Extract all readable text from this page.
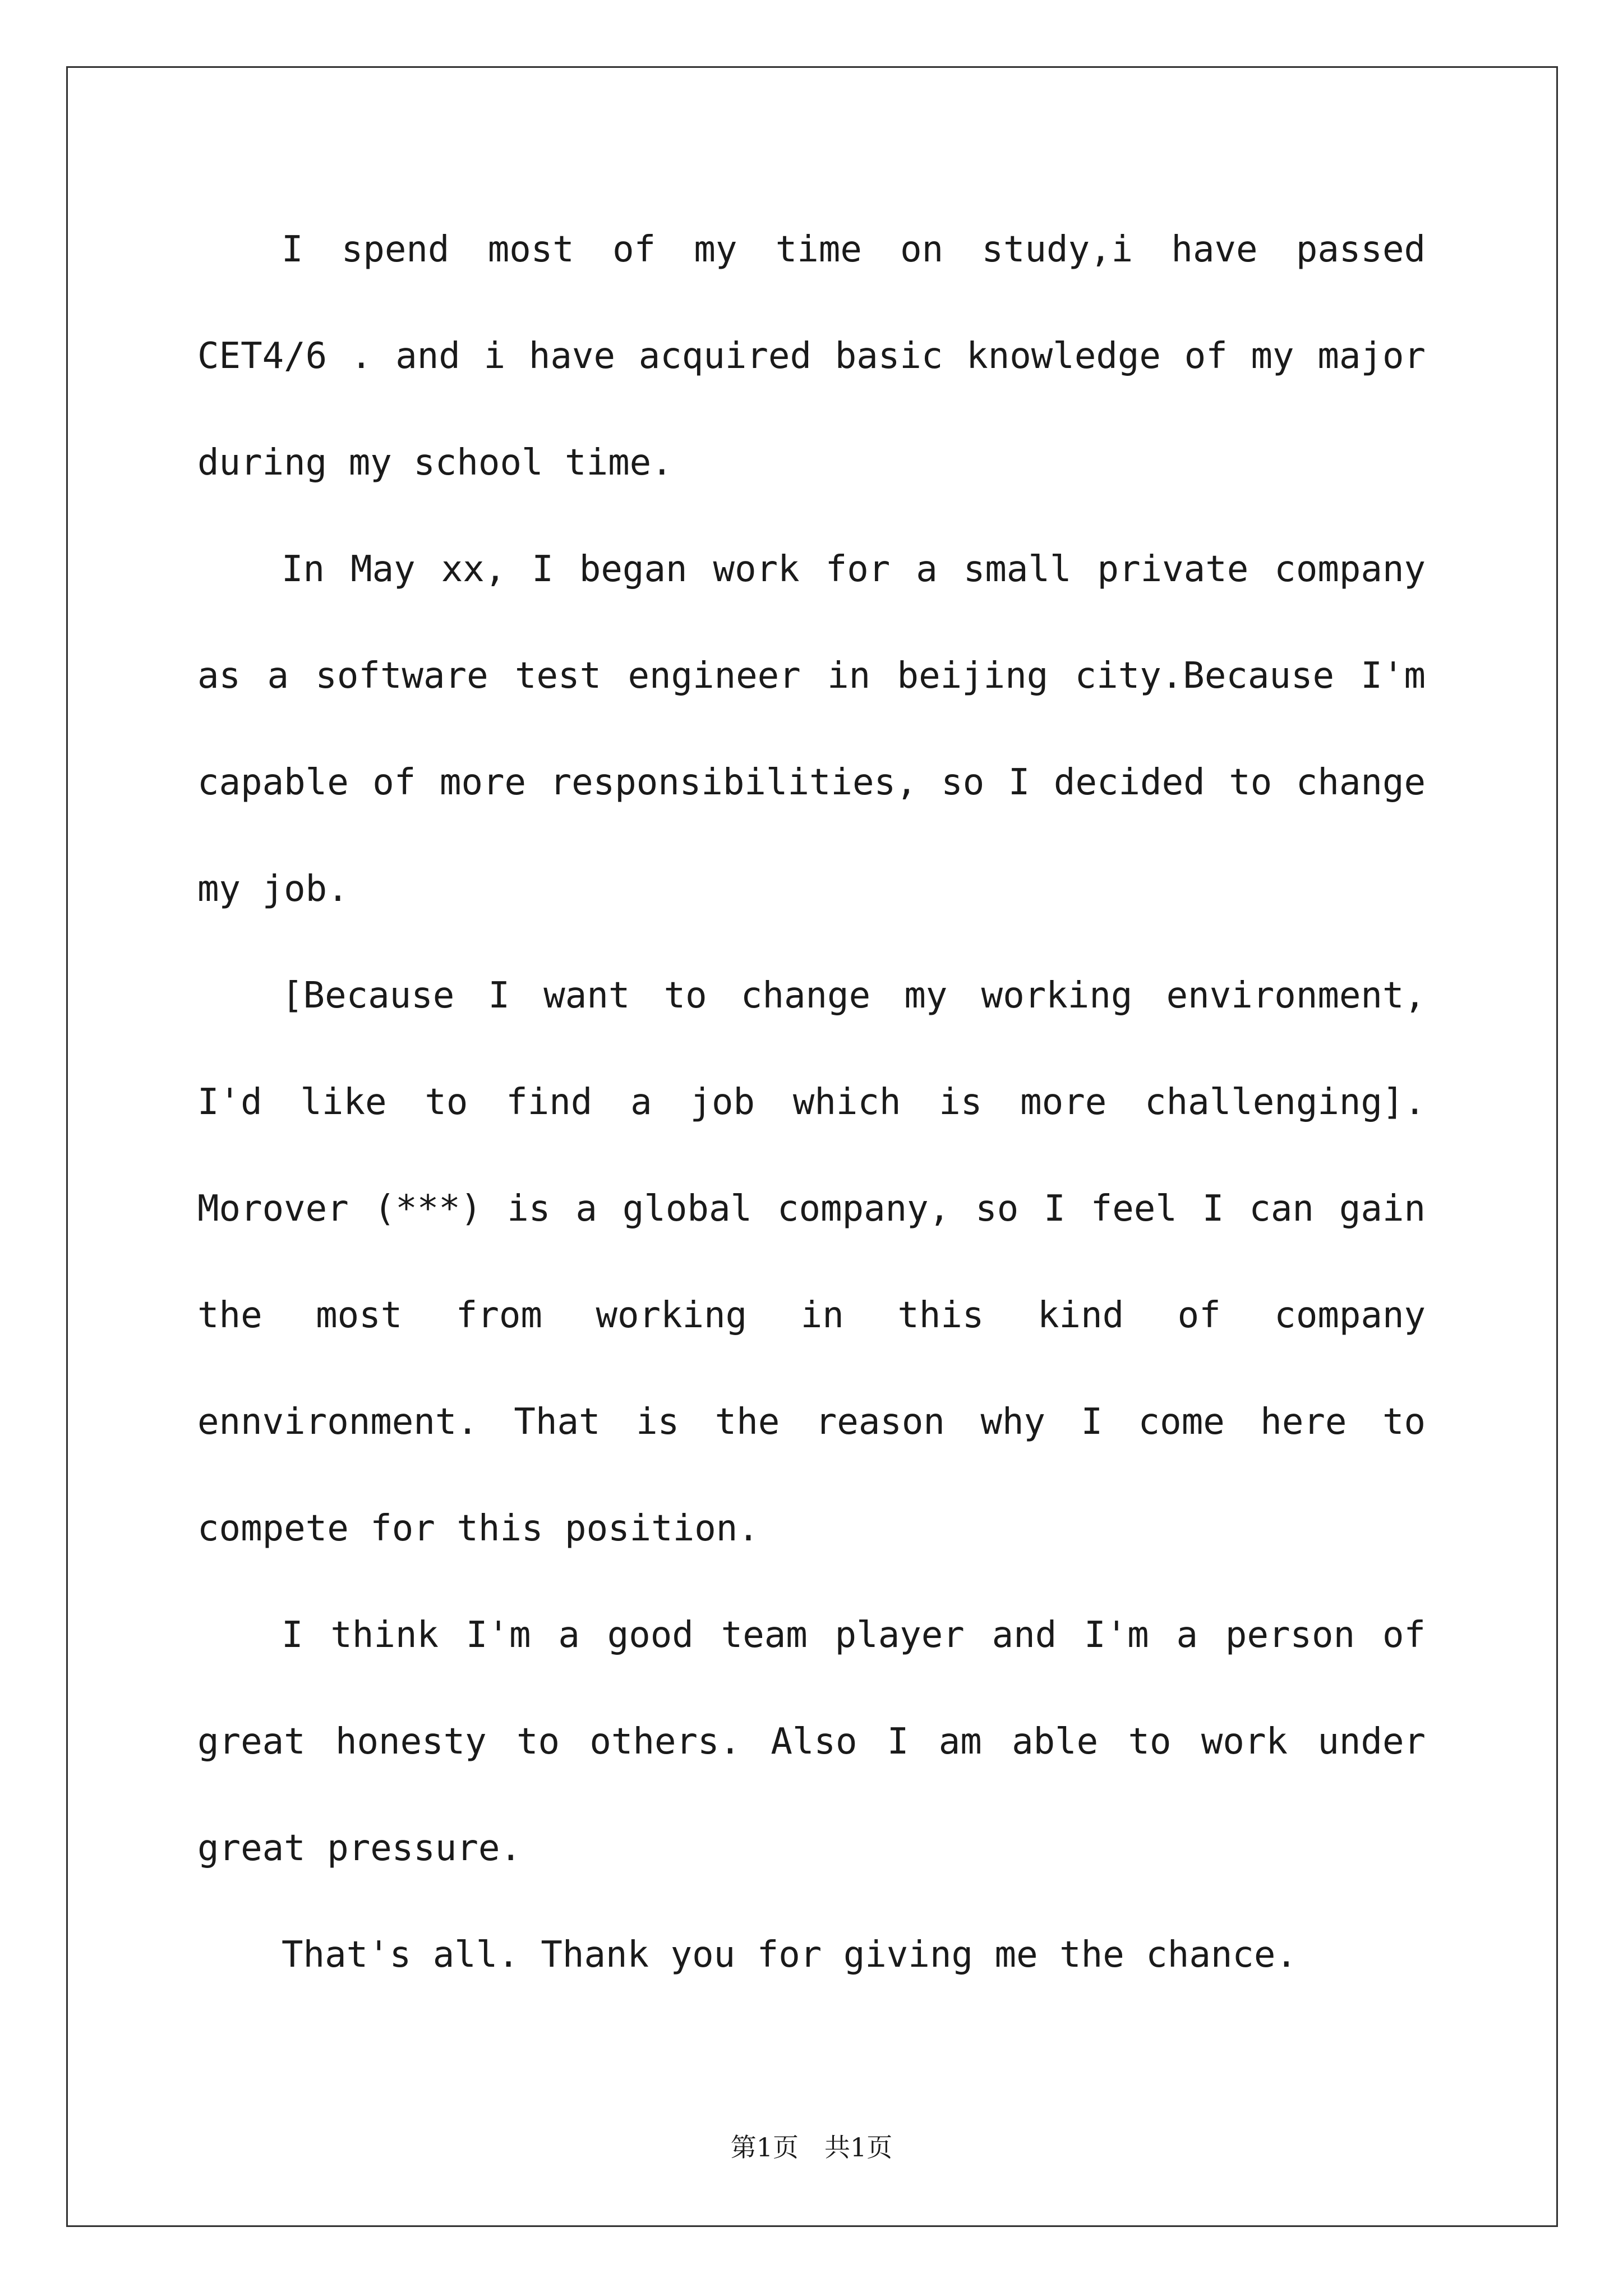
I spend most of my time on study,i have passed CET4/6 . and i have acquired basic knowledge of my major during my school time.

In May xx, I began work for a small private company as a software test engineer in beijing city.Because I'm capable of more responsibilities, so I decided to change my job.

[Because I want to change my working environment, I'd like to find a job which is more challenging]. Morover (***) is a global company, so I feel I can gain the most from working in this kind of company ennvironment. That is the reason why I come here to compete for this position.

I think I'm a good team player and I'm a person of great honesty to others. Also I am able to work under great pressure.

That's all. Thank you for giving me the chance.

第1页　共1页
